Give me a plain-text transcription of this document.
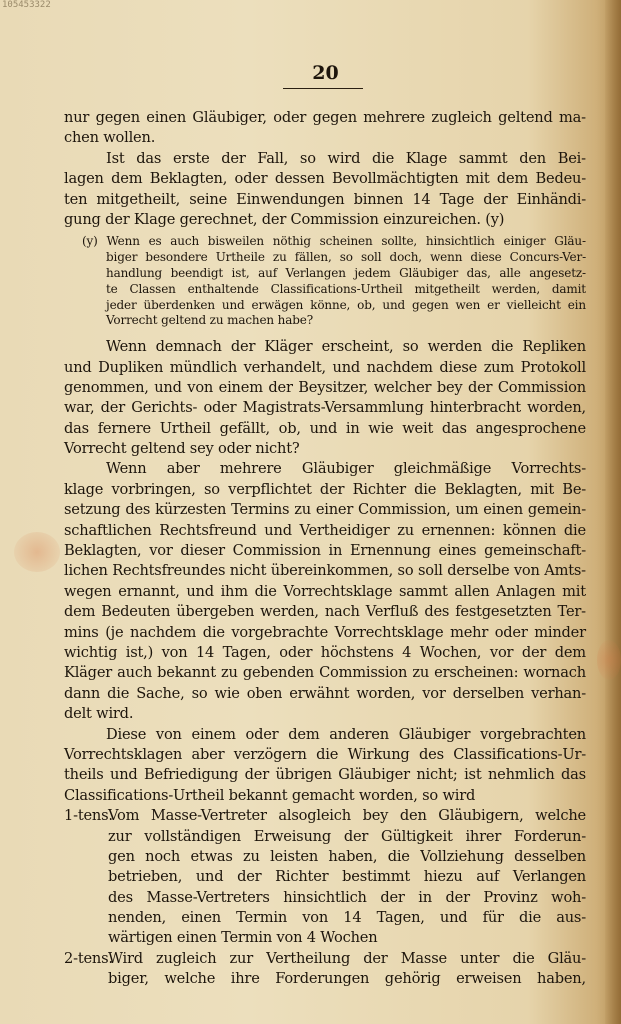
105453322
20
nur gegen einen Gläubiger, oder gegen mehrere zugleich geltend ma-
chen wollen.
Ist das erste der Fall, so wird die Klage sammt den Bei-
lagen dem Beklagten, oder dessen Bevollmächtigten mit dem Bedeu-
ten mitgetheilt, seine Einwendungen binnen 14 Tage der Einhändi-
gung der Klage gerechnet, der Commission einzureichen. (y)
(y) Wenn es auch bisweilen nöthig scheinen sollte, hinsichtlich einiger Gläu-
biger besondere Urtheile zu fällen, so soll doch, wenn diese Concurs-Ver-
handlung beendigt ist, auf Verlangen jedem Gläubiger das, alle angesetz-
te Classen enthaltende Classifications-Urtheil mitgetheilt werden, damit
jeder überdenken und erwägen könne, ob, und gegen wen er vielleicht ein
Vorrecht geltend zu machen habe?
Wenn demnach der Kläger erscheint, so werden die Repliken
und Dupliken mündlich verhandelt, und nachdem diese zum Protokoll
genommen, und von einem der Beysitzer, welcher bey der Commission
war, der Gerichts- oder Magistrats-Versammlung hinterbracht worden,
das fernere Urtheil gefällt, ob, und in wie weit das angesprochene
Vorrecht geltend sey oder nicht?
Wenn aber mehrere Gläubiger gleichmäßige Vorrechts-
klage vorbringen, so verpflichtet der Richter die Beklagten, mit Be-
setzung des kürzesten Termins zu einer Commission, um einen gemein-
schaftlichen Rechtsfreund und Vertheidiger zu ernennen: können die
Beklagten, vor dieser Commission in Ernennung eines gemeinschaft-
lichen Rechtsfreundes nicht übereinkommen, so soll derselbe von Amts-
wegen ernannt, und ihm die Vorrechtsklage sammt allen Anlagen mit
dem Bedeuten übergeben werden, nach Verfluß des festgesetzten Ter-
mins (je nachdem die vorgebrachte Vorrechtsklage mehr oder minder
wichtig ist,) von 14 Tagen, oder höchstens 4 Wochen, vor der dem
Kläger auch bekannt zu gebenden Commission zu erscheinen: wornach
dann die Sache, so wie oben erwähnt worden, vor derselben verhan-
delt wird.
Diese von einem oder dem anderen Gläubiger vorgebrachten
Vorrechtsklagen aber verzögern die Wirkung des Classifications-Ur-
theils und Befriedigung der übrigen Gläubiger nicht; ist nehmlich das
Classifications-Urtheil bekannt gemacht worden, so wird
1-tens.
Vom Masse-Vertreter alsogleich bey den Gläubigern, welche
zur vollständigen Erweisung der Gültigkeit ihrer Forderun-
gen noch etwas zu leisten haben, die Vollziehung desselben
betrieben, und der Richter bestimmt hiezu auf Verlangen
des Masse-Vertreters hinsichtlich der in der Provinz woh-
nenden, einen Termin von 14 Tagen, und für die aus-
wärtigen einen Termin von 4 Wochen
2-tens.
Wird zugleich zur Vertheilung der Masse unter die Gläu-
biger, welche ihre Forderungen gehörig erweisen haben,
